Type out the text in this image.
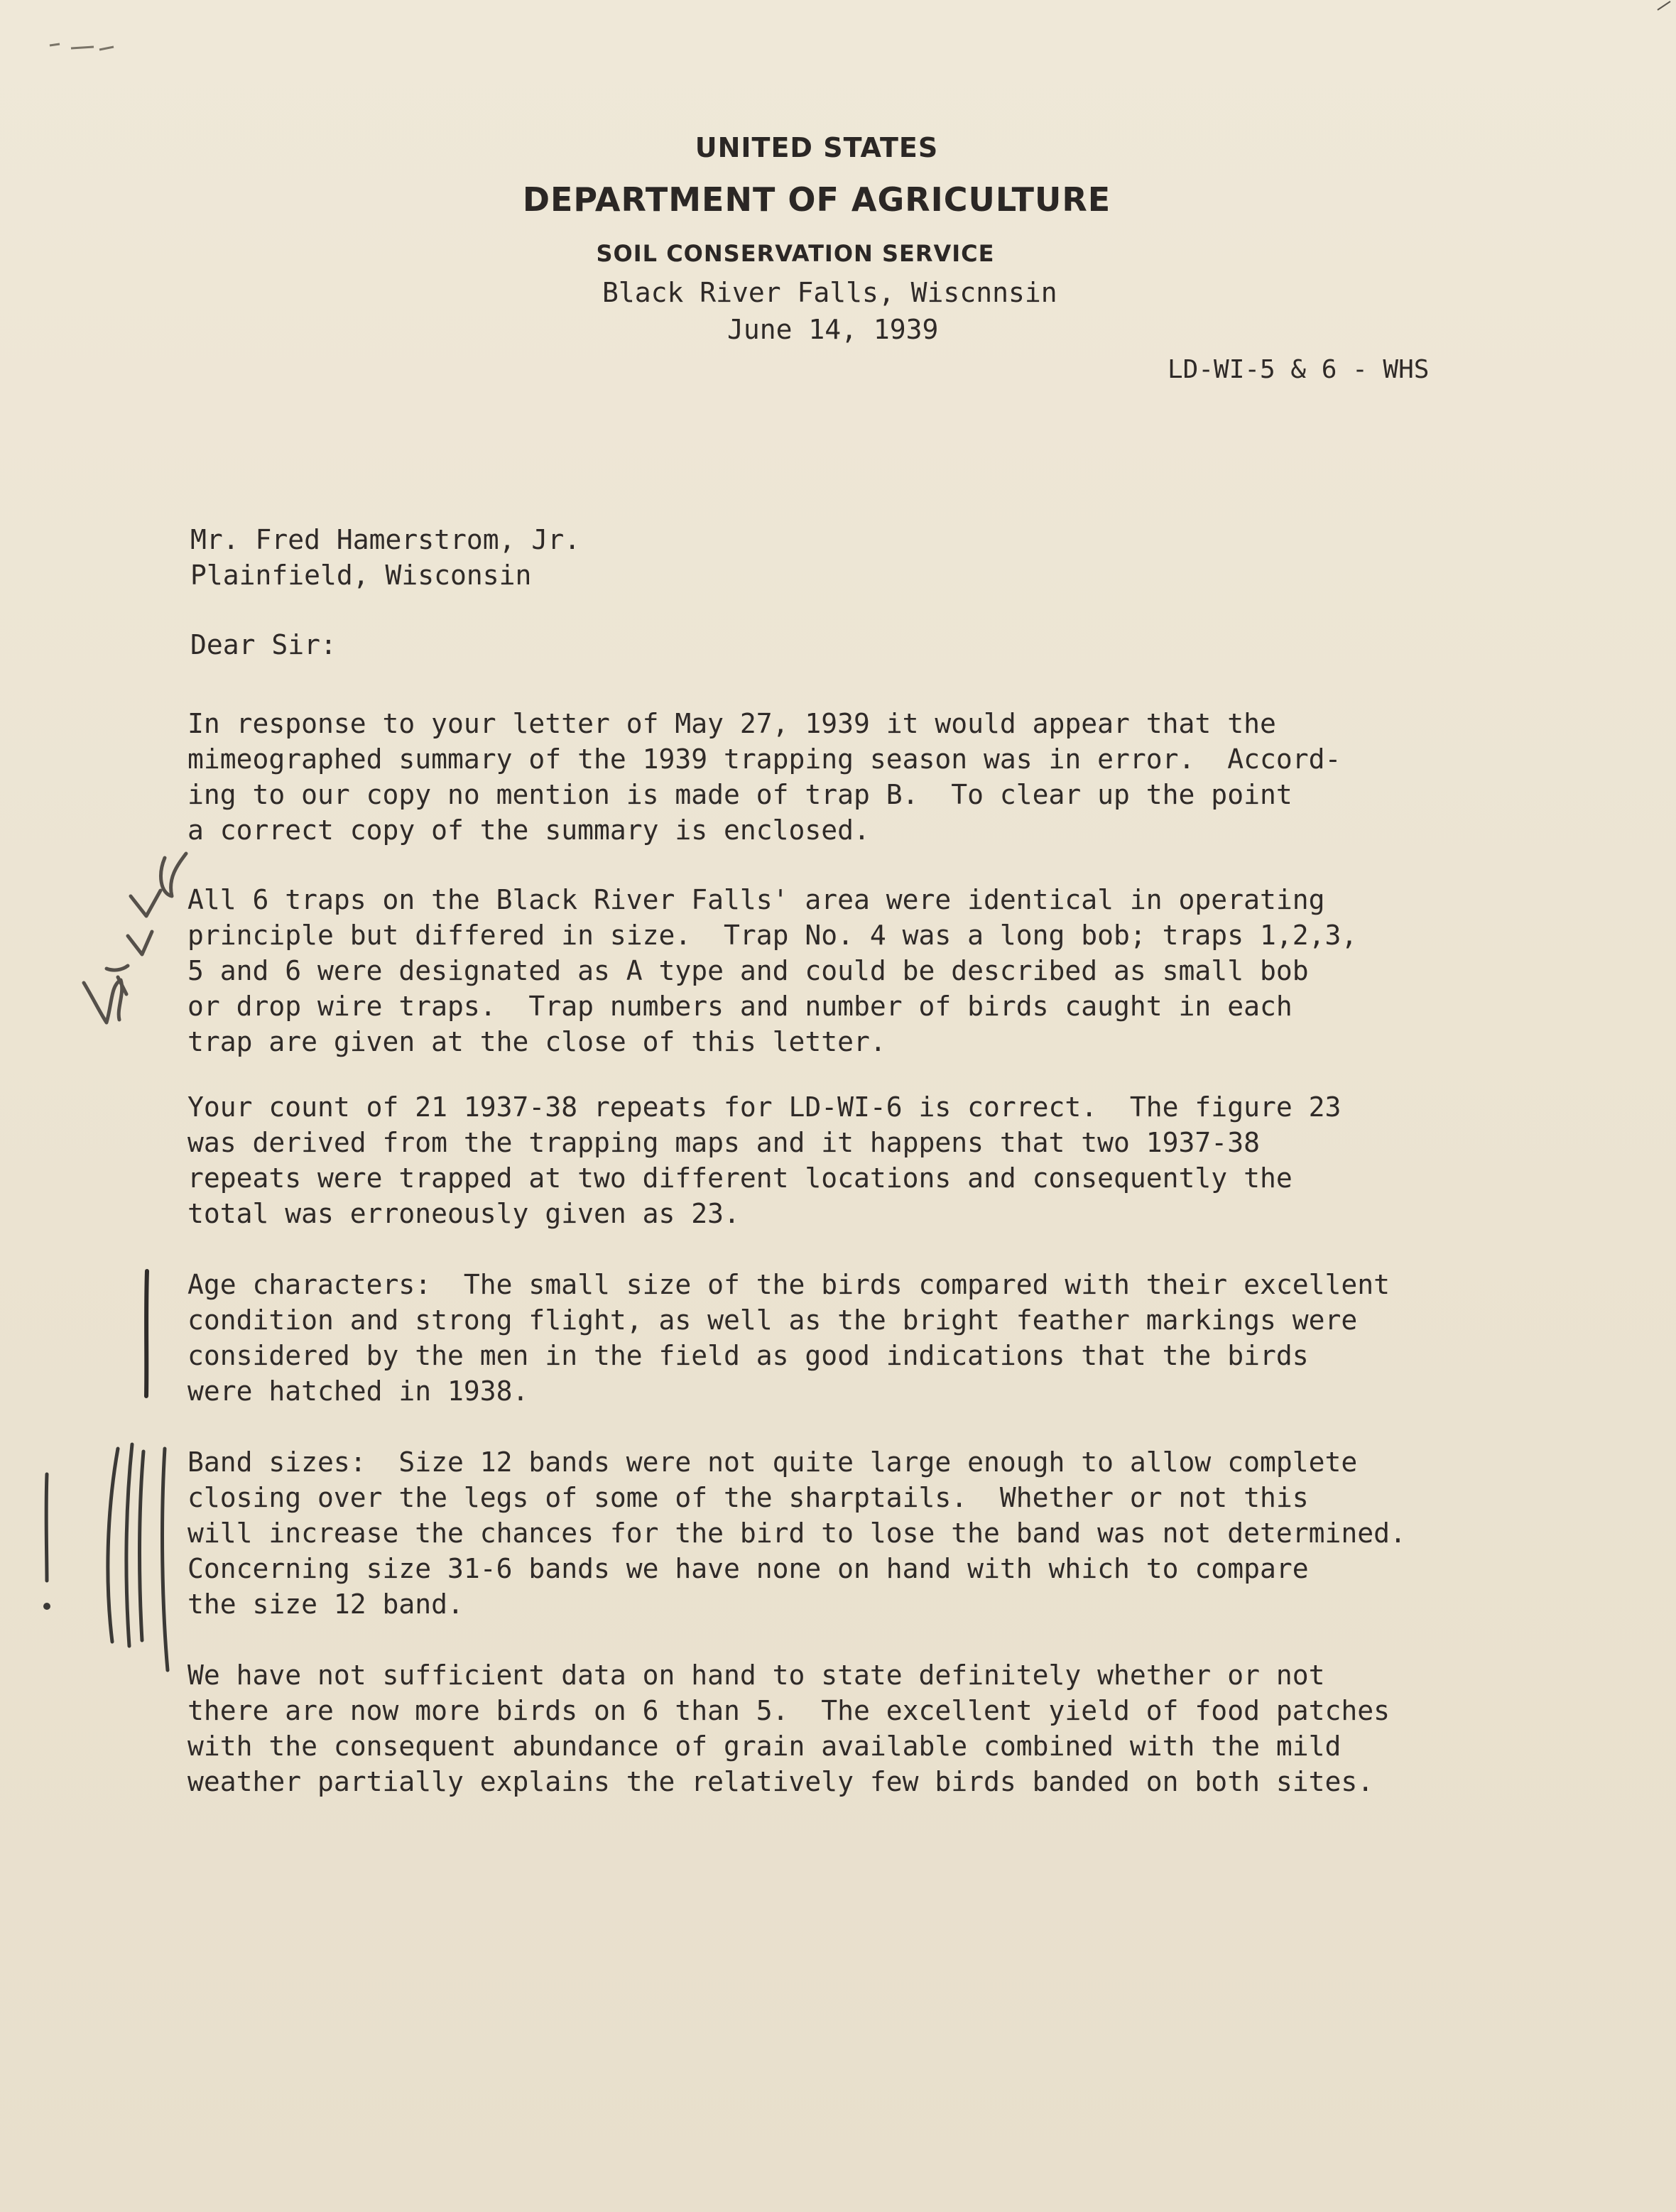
UNITED STATES
DEPARTMENT OF AGRICULTURE
SOIL CONSERVATION SERVICE
Black River Falls, Wiscnnsin
June 14, 1939
LD-WI-5 & 6 - WHS
Mr. Fred Hamerstrom, Jr.
Plainfield, Wisconsin
Dear Sir:
In response to your letter of May 27, 1939 it would appear that the
mimeographed summary of the 1939 trapping season was in error.  Accord-
ing to our copy no mention is made of trap B.  To clear up the point
a correct copy of the summary is enclosed.
All 6 traps on the Black River Falls' area were identical in operating
principle but differed in size.  Trap No. 4 was a long bob; traps 1,2,3,
5 and 6 were designated as A type and could be described as small bob
or drop wire traps.  Trap numbers and number of birds caught in each
trap are given at the close of this letter.
Your count of 21 1937-38 repeats for LD-WI-6 is correct.  The figure 23
was derived from the trapping maps and it happens that two 1937-38
repeats were trapped at two different locations and consequently the
total was erroneously given as 23.
Age characters:  The small size of the birds compared with their excellent
condition and strong flight, as well as the bright feather markings were
considered by the men in the field as good indications that the birds
were hatched in 1938.
Band sizes:  Size 12 bands were not quite large enough to allow complete
closing over the legs of some of the sharptails.  Whether or not this
will increase the chances for the bird to lose the band was not determined.
Concerning size 31-6 bands we have none on hand with which to compare
the size 12 band.
We have not sufficient data on hand to state definitely whether or not
there are now more birds on 6 than 5.  The excellent yield of food patches
with the consequent abundance of grain available combined with the mild
weather partially explains the relatively few birds banded on both sites.
